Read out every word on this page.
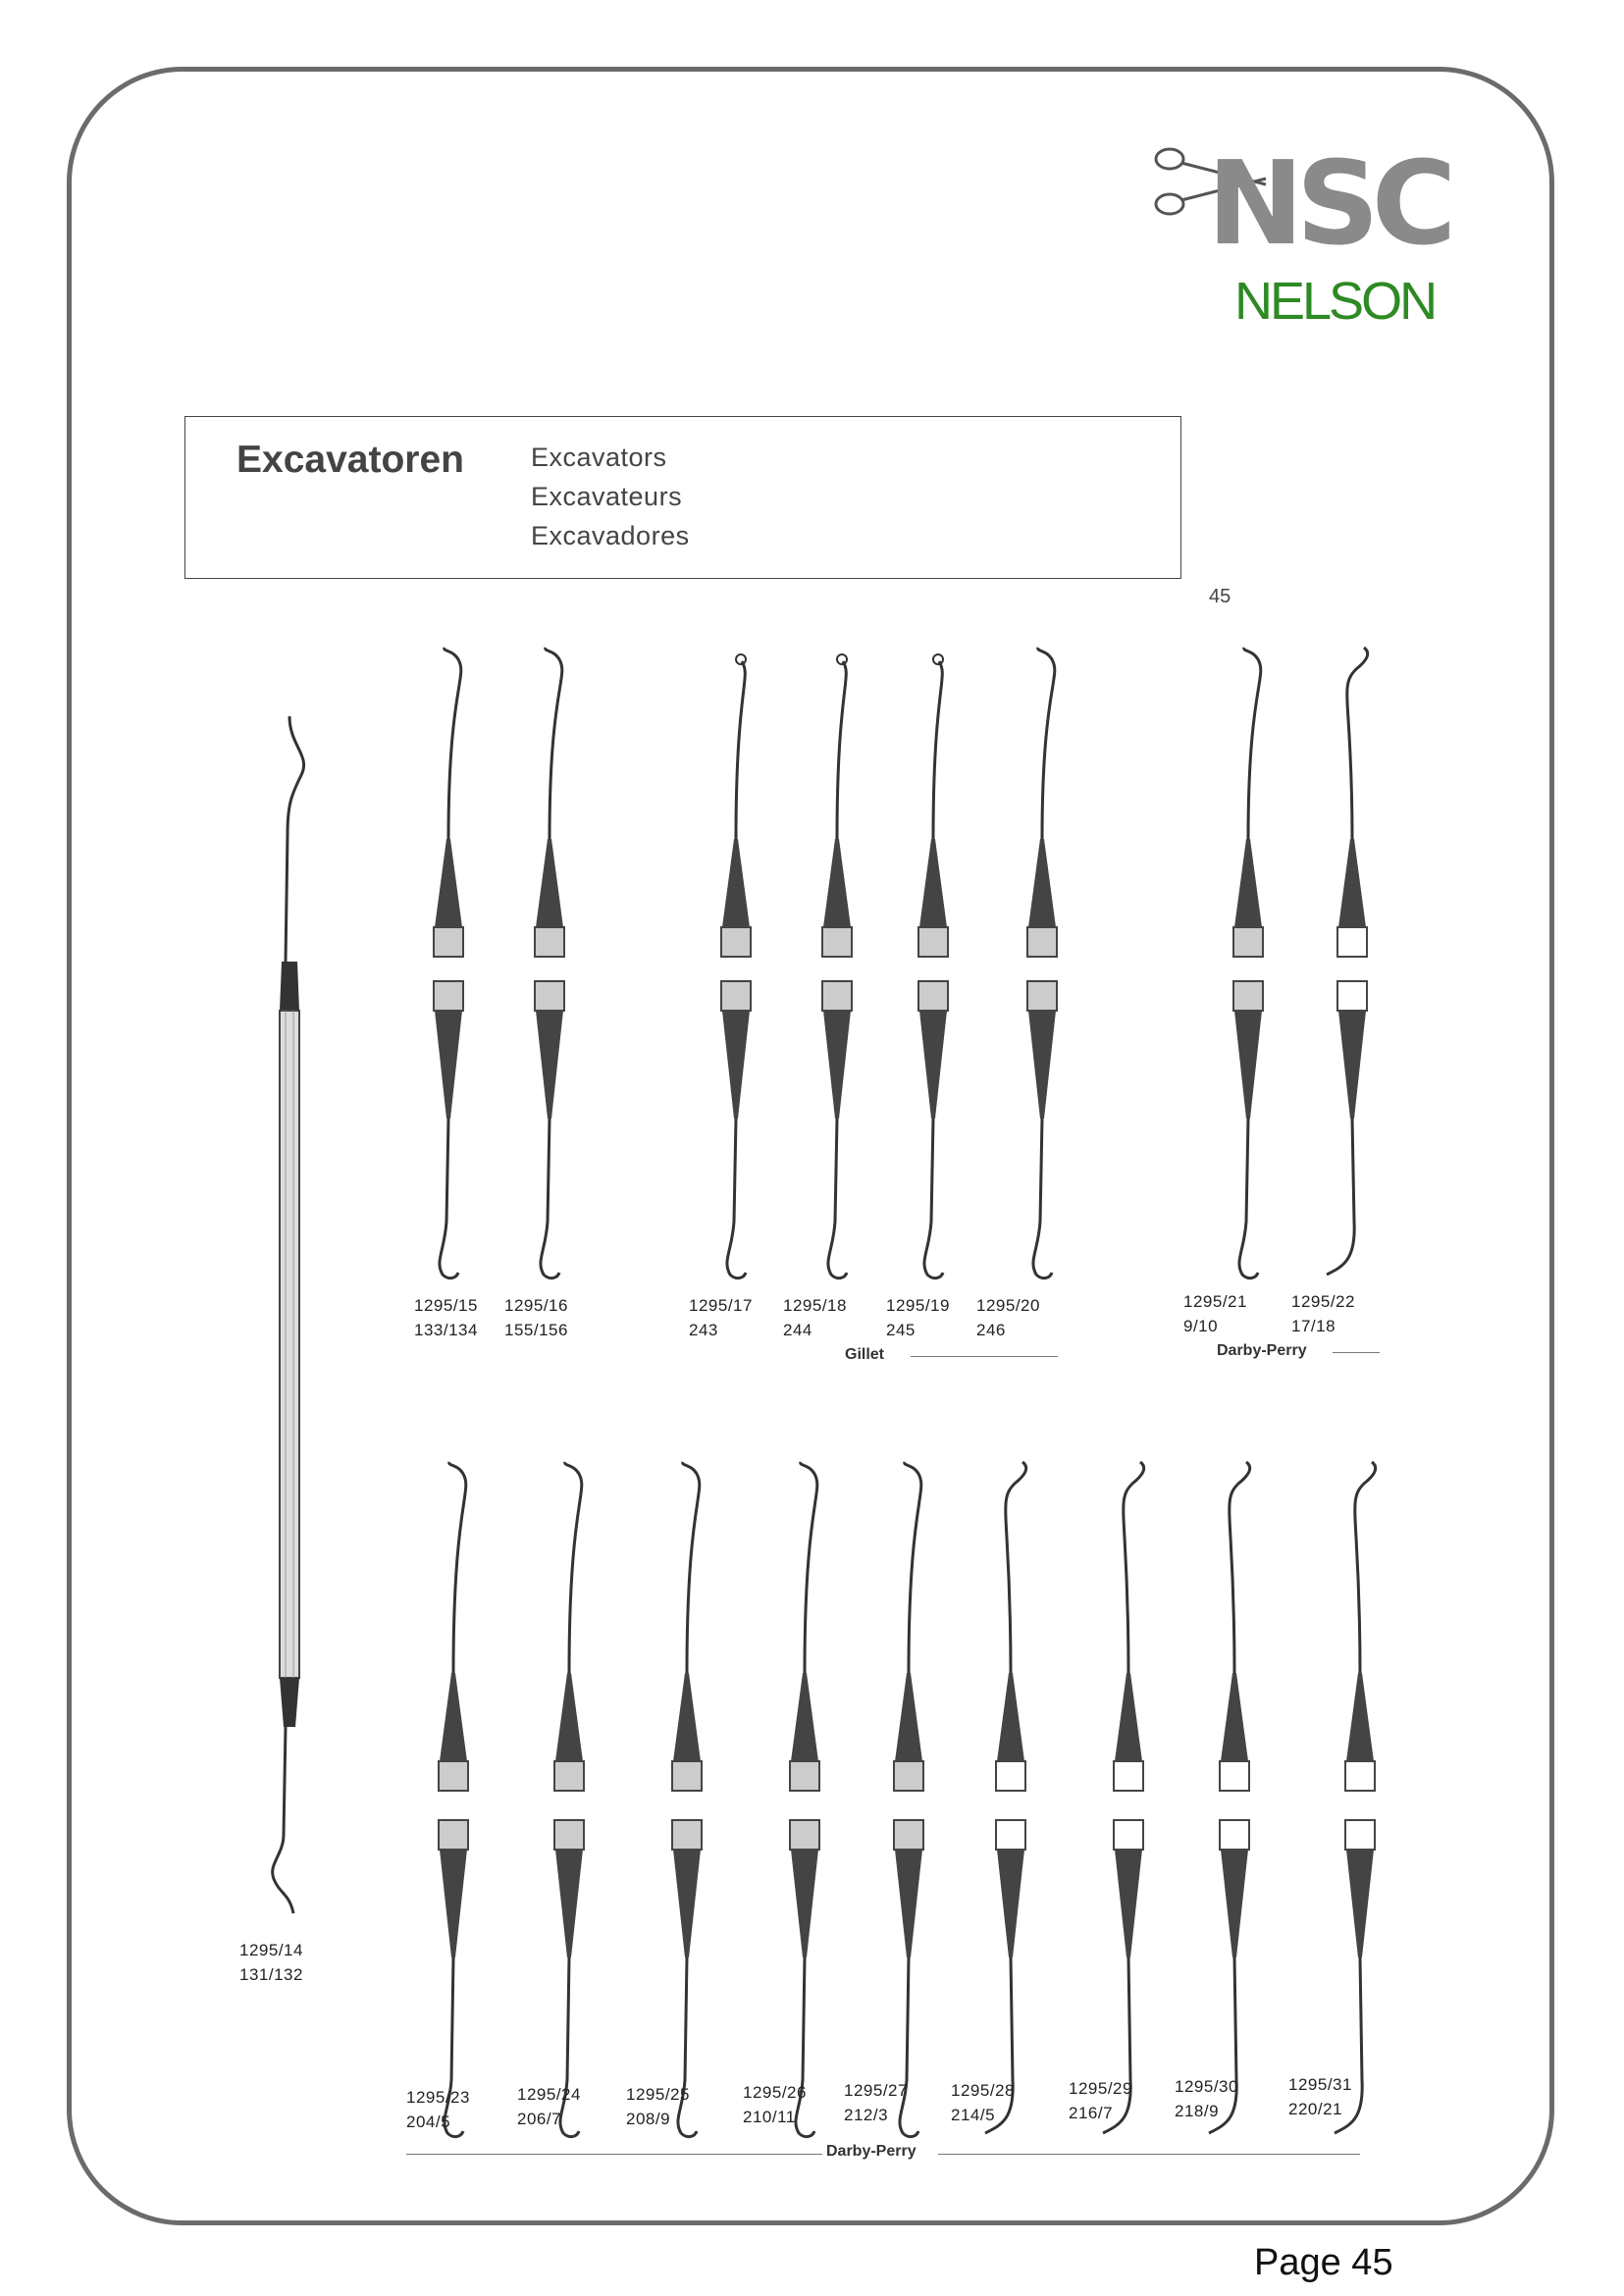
NSC
NELSON
Excavatoren	Excavators
Excavateurs
Excavadores
45
1295/14
131/132
1295/15
133/134
1295/16
155/156
1295/17
243
1295/18
244
1295/19
245
1295/20
246
1295/21
9/10
1295/22
17/18
Gillet	Darby-Perry
1295/23
204/5
1295/24
206/7
1295/25
208/9
1295/26
210/11
1295/27
212/3
1295/28
214/5
1295/29
216/7
1295/30
218/9
1295/31
220/21
Darby-Perry
Page 45
